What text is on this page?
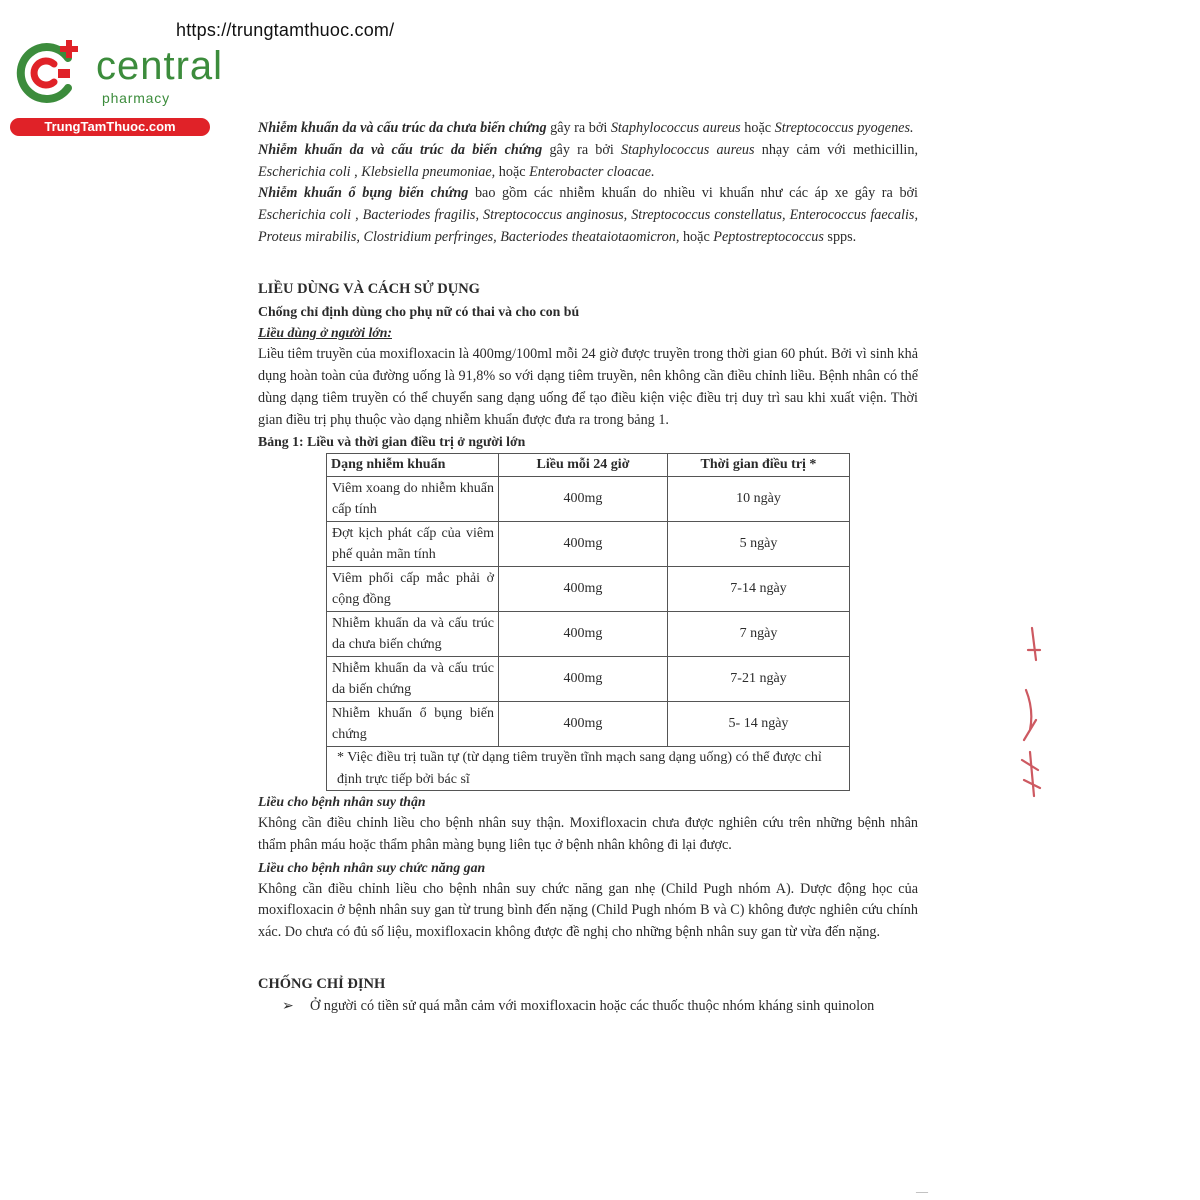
https://trungtamthuoc.com/
central
pharmacy
TrungTamThuoc.com	Nhiễm khuẩn da và cấu trúc da chưa biến chứng gây ra bởi Staphylococcus aureus hoặc Streptococcus pyogenes.

Nhiễm khuẩn da và cấu trúc da biến chứng gây ra bởi Staphylococcus aureus nhạy cảm với methicillin, Escherichia coli , Klebsiella pneumoniae, hoặc Enterobacter cloacae.

Nhiễm khuẩn ổ bụng biến chứng bao gồm các nhiễm khuẩn do nhiều vi khuẩn như các áp xe gây ra bởi Escherichia coli , Bacteriodes fragilis, Streptococcus anginosus, Streptococcus constellatus, Enterococcus faecalis, Proteus mirabilis, Clostridium perfringes, Bacteriodes theataiotaomicron, hoặc Peptostreptococcus spps.

LIỀU DÙNG VÀ CÁCH SỬ DỤNG

Chống chỉ định dùng cho phụ nữ có thai và cho con bú

Liều dùng ở người lớn:

Liều tiêm truyền của moxifloxacin là 400mg/100ml mỗi 24 giờ được truyền trong thời gian 60 phút. Bởi vì sinh khả dụng hoàn toàn của đường uống là 91,8% so với dạng tiêm truyền, nên không cần điều chỉnh liều. Bệnh nhân có thể dùng dạng tiêm truyền có thể chuyển sang dạng uống để tạo điều kiện việc điều trị duy trì sau khi xuất viện. Thời gian điều trị phụ thuộc vào dạng nhiễm khuẩn được đưa ra trong bảng 1.

Bảng 1: Liều và thời gian điều trị ở người lớn

Dạng nhiễm khuẩn	Liều mỗi 24 giờ	Thời gian điều trị *
Viêm xoang do nhiễm khuẩn cấp tính	400mg	10 ngày
Đợt kịch phát cấp của viêm phế quản mãn tính	400mg	5 ngày
Viêm phổi cấp mắc phải ở cộng đồng	400mg	7-14 ngày
Nhiễm khuẩn da và cấu trúc da chưa biến chứng	400mg	7 ngày
Nhiễm khuẩn da và cấu trúc da biến chứng	400mg	7-21 ngày
Nhiễm khuẩn ổ bụng biến chứng	400mg	5- 14 ngày
* Việc điều trị tuần tự (từ dạng tiêm truyền tĩnh mạch sang dạng uống) có thể được chỉ định trực tiếp bởi bác sĩ		

Liều cho bệnh nhân suy thận

Không cần điều chỉnh liều cho bệnh nhân suy thận. Moxifloxacin chưa được nghiên cứu trên những bệnh nhân thẩm phân máu hoặc thẩm phân màng bụng liên tục ở bệnh nhân không đi lại được.

Liều cho bệnh nhân suy chức năng gan

Không cần điều chỉnh liều cho bệnh nhân suy chức năng gan nhẹ (Child Pugh nhóm A). Dược động học của moxifloxacin ở bệnh nhân suy gan từ trung bình đến nặng (Child Pugh nhóm B và C) không được nghiên cứu chính xác. Do chưa có đủ số liệu, moxifloxacin không được đề nghị cho những bệnh nhân suy gan từ vừa đến nặng.

CHỐNG CHỈ ĐỊNH

➢	Ở người có tiền sử quá mẫn cảm với moxifloxacin hoặc các thuốc thuộc nhóm kháng sinh quinolon
—
